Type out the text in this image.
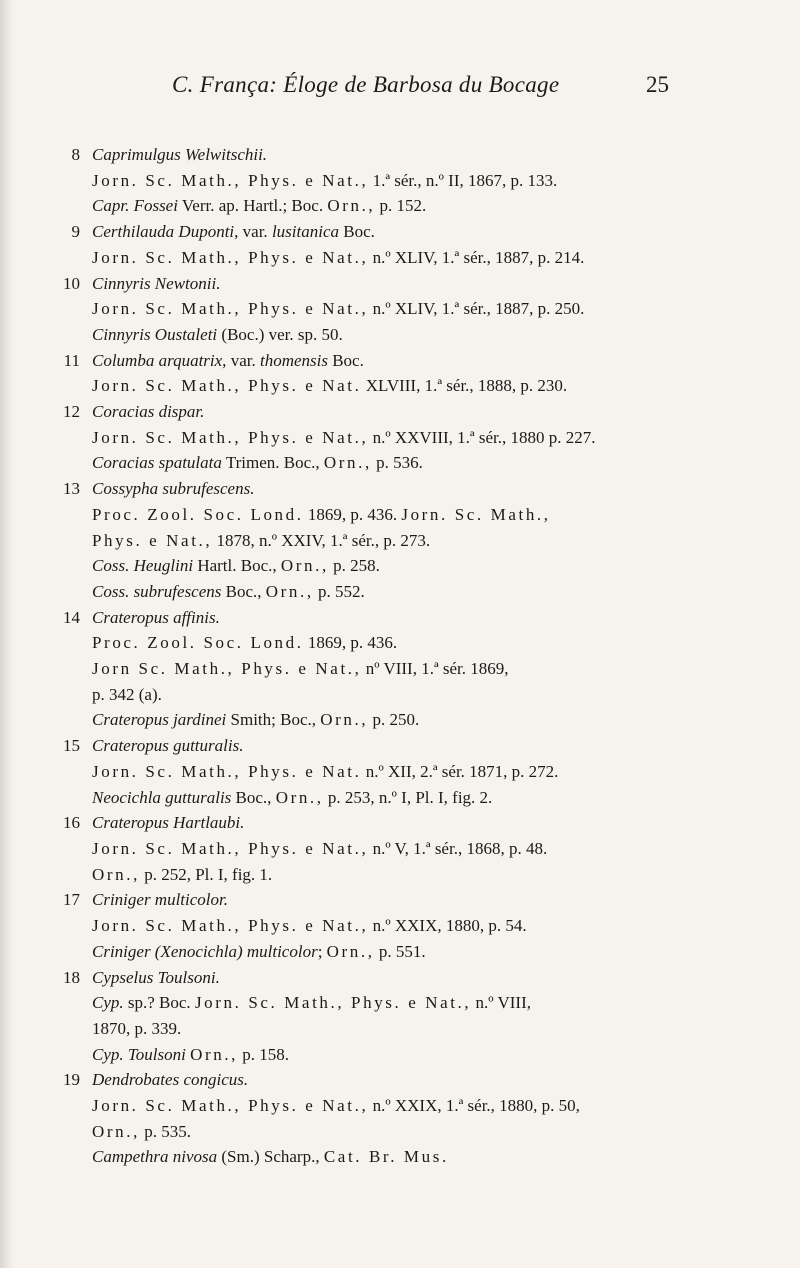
C. França: Éloge de Barbosa du Bocage	25
8 Caprimulgus Welwitschii.
Jorn. Sc. Math., Phys. e Nat., 1.ª sér., n.º II, 1867, p. 133.
Capr. Fossei Verr. ap. Hartl.; Boc. Orn., p. 152.
9 Certhilauda Duponti, var. lusitanica Boc.
Jorn. Sc. Math., Phys. e Nat., n.º XLIV, 1.ª sér., 1887, p. 214.
10 Cinnyris Newtonii.
Jorn. Sc. Math., Phys. e Nat., n.º XLIV, 1.ª sér., 1887, p. 250.
Cinnyris Oustaleti (Boc.) ver. sp. 50.
11 Columba arquatrix, var. thomensis Boc.
Jorn. Sc. Math., Phys. e Nat. XLVIII, 1.ª sér., 1888, p. 230.
12 Coracias dispar.
Jorn. Sc. Math., Phys. e Nat., n.º XXVIII, 1.ª sér., 1880 p. 227.
Coracias spatulata Trimen. Boc., Orn., p. 536.
13 Cossypha subrufescens.
Proc. Zool. Soc. Lond. 1869, p. 436. Jorn. Sc. Math.,
Phys. e Nat., 1878, n.º XXIV, 1.ª sér., p. 273.
Coss. Heuglini Hartl. Boc., Orn., p. 258.
Coss. subrufescens Boc., Orn., p. 552.
14 Crateropus affinis.
Proc. Zool. Soc. Lond. 1869, p. 436.
Jorn Sc. Math., Phys. e Nat., nº VIII, 1.ª sér. 1869,
p. 342 (a).
Crateropus jardinei Smith; Boc., Orn., p. 250.
15 Crateropus gutturalis.
Jorn. Sc. Math., Phys. e Nat. n.º XII, 2.ª sér. 1871, p. 272.
Neocichla gutturalis Boc., Orn., p. 253, n.º I, Pl. I, fig. 2.
16 Crateropus Hartlaubi.
Jorn. Sc. Math., Phys. e Nat., n.º V, 1.ª sér., 1868, p. 48.
Orn., p. 252, Pl. I, fig. 1.
17 Criniger multicolor.
Jorn. Sc. Math., Phys. e Nat., n.º XXIX, 1880, p. 54.
Criniger (Xenocichla) multicolor; Orn., p. 551.
18 Cypselus Toulsoni.
Cyp. sp.? Boc. Jorn. Sc. Math., Phys. e Nat., n.º VIII,
1870, p. 339.
Cyp. Toulsoni Orn., p. 158.
19 Dendrobates congicus.
Jorn. Sc. Math., Phys. e Nat., n.º XXIX, 1.ª sér., 1880, p. 50,
Orn., p. 535.
Campethra nivosa (Sm.) Scharp., Cat. Br. Mus.
